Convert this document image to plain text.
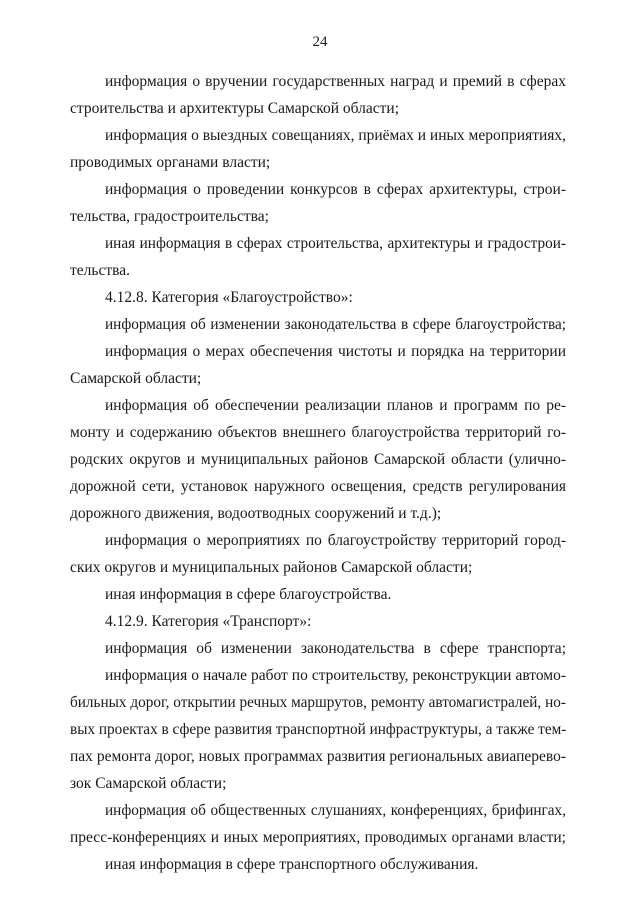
24
информация о вручении государственных наград и премий в сферах
строительства и архитектуры Самарской области;
информация о выездных совещаниях, приёмах и иных мероприятиях,
проводимых органами власти;
информация о проведении конкурсов в сферах архитектуры, строи-
тельства, градостроительства;
иная информация в сферах строительства, архитектуры и градострои-
тельства.
4.12.8. Категория «Благоустройство»:
информация об изменении законодательства в сфере благоустройства;
информация о мерах обеспечения чистоты и порядка на территории
Самарской области;
информация об обеспечении реализации планов и программ по ре-
монту и содержанию объектов внешнего благоустройства территорий го-
родских округов и муниципальных районов Самарской области (улично-
дорожной сети, установок наружного освещения, средств регулирования
дорожного движения, водоотводных сооружений и т.д.);
информация о мероприятиях по благоустройству территорий город-
ских округов и муниципальных районов Самарской области;
иная информация в сфере благоустройства.
4.12.9. Категория «Транспорт»:
информация об изменении законодательства в сфере транспорта;
информация о начале работ по строительству, реконструкции автомо-
бильных дорог, открытии речных маршрутов, ремонту автомагистралей, но-
вых проектах в сфере развития транспортной инфраструктуры, а также тем-
пах ремонта дорог, новых программах развития региональных авиаперево-
зок Самарской области;
информация об общественных слушаниях, конференциях, брифингах,
пресс-конференциях и иных мероприятиях, проводимых органами власти;
иная информация в сфере транспортного обслуживания.
